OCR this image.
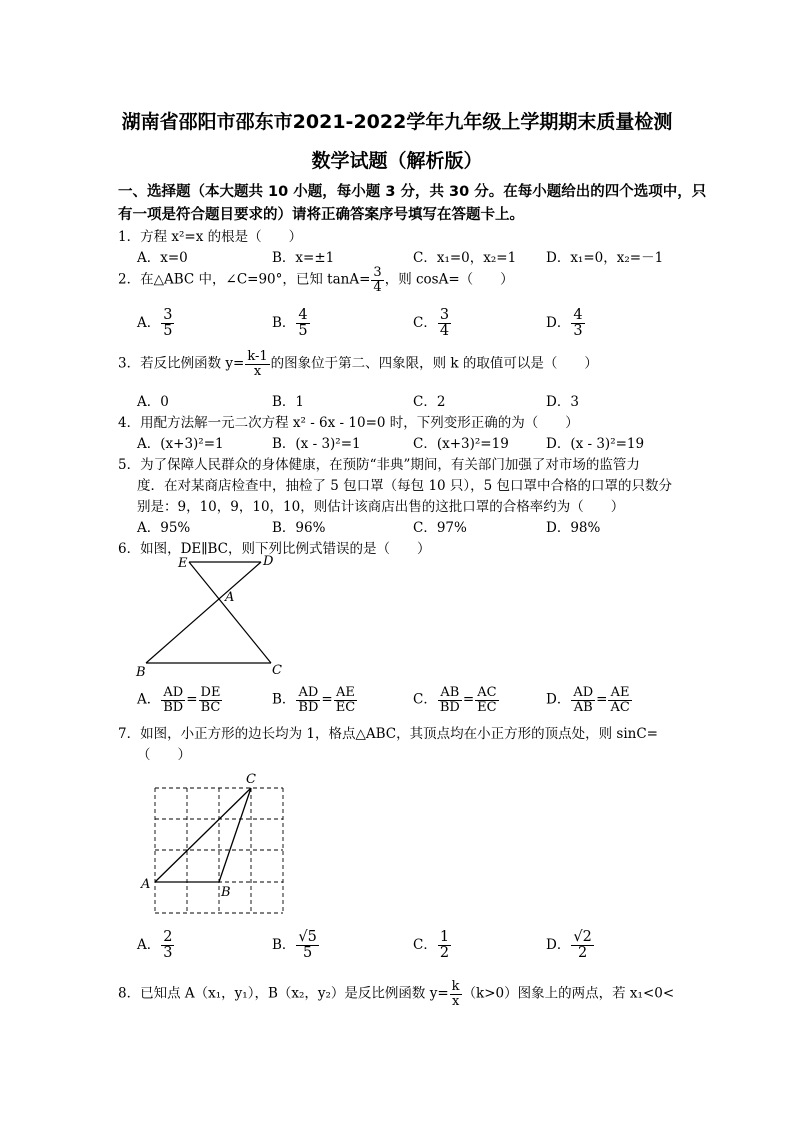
湖南省邵阳市邵东市2021-2022学年九年级上学期期末质量检测
数学试题（解析版）
一、选择题（本大题共 10 小题，每小题 3 分，共 30 分。在每小题给出的四个选项中，只
有一项是符合题目要求的）请将正确答案序号填写在答题卡上。
1．方程 x²=x 的根是（　　）
A．x=0	B．x=±1	C．x₁=0，x₂=1 D．x₁=0，x₂=－1
2．在△ABC 中，∠C=90°，已知 $\tan A= \frac{3}{4}$ ，则 cosA=（　　）
A． $\frac{3}{5}$	B． $\frac{4}{5}$	C． $\frac{3}{4}$	D． $\frac{4}{3}$
3．若反比例函数 $y= \frac{k-1}{x}$ 的图象位于第二、四象限，则 k 的取值可以是（　　）
A．0	B．1	C．2	D．3
4．用配方法解一元二次方程 x² - 6x - 10=0 时，下列变形正确的为（　　）
A．(x+3)²=1	B．(x - 3)²=1	C．(x+3)²=19	D．(x - 3)²=19
5．为了保障人民群众的身体健康，在预防“非典”期间，有关部门加强了对市场的监管力
度．在对某商店检查中，抽检了 5 包口罩（每包 10 只），5 包口罩中合格的口罩的只数分
别是：9，10，9，10，10，则估计该商店出售的这批口罩的合格率约为（　　）
A．95%	B．96%	C．97%	D．98%
6．如图，DE∥BC，则下列比例式错误的是（　　）
E	D
A
B	C
A． $\frac{AD}{BD} = \frac{DE}{BC}$	B． $\frac{AD}{BD} = \frac{AE}{EC}$	C． $\frac{AB}{BD} = \frac{AC}{EC}$	D． $\frac{AD}{AB} = \frac{AE}{AC}$
7．如图，小正方形的边长均为 1，格点△ABC，其顶点均在小正方形的顶点处，则 sinC=
（　　）
A
B
C
A． $\frac{2}{3}$	B． $\frac{√5}{5}$	C． $\frac{1}{2}$	D． $\frac{√2}{2}$
8．已知点 A（x₁，y₁），B（x₂，y₂）是反比例函数 $y= \frac{k}{x} (k>0)$图象上的两点，若 x₁<0<
